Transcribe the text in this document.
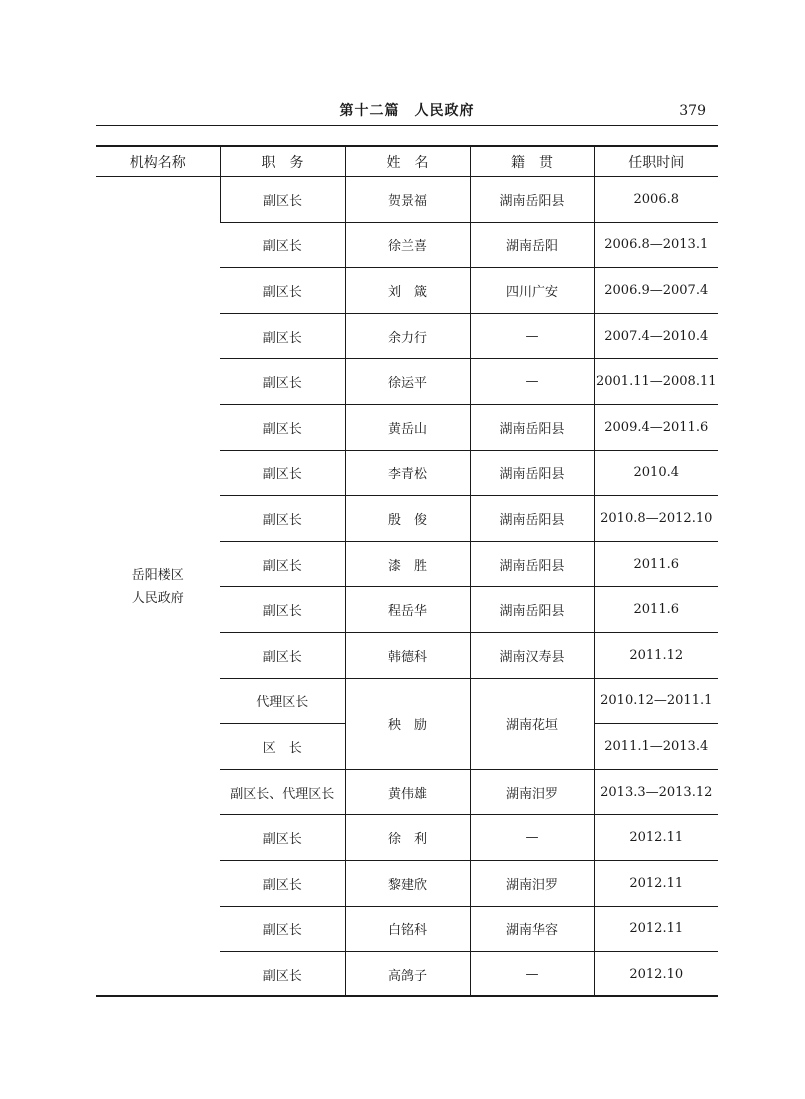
第十二篇　人民政府	379
机构名称	职　务	姓　名	籍　贯	任职时间

岳阳楼区
人民政府	副区长	贺景福	湖南岳阳县	2006.8
	副区长	徐兰喜	湖南岳阳	2006.8—2013.1
	副区长	刘　箴	四川广安	2006.9—2007.4
	副区长	余力行	—	2007.4—2010.4
	副区长	徐运平	—	2001.11—2008.11
	副区长	黄岳山	湖南岳阳县	2009.4—2011.6
	副区长	李青松	湖南岳阳县	2010.4
	副区长	殷　俊	湖南岳阳县	2010.8—2012.10
	副区长	漆　胜	湖南岳阳县	2011.6
	副区长	程岳华	湖南岳阳县	2011.6
	副区长	韩德科	湖南汉寿县	2011.12
	代理区长	秧　励	湖南花垣	2010.12—2011.1
	区　长			2011.1—2013.4
	副区长、代理区长	黄伟雄	湖南汨罗	2013.3—2013.12
	副区长	徐　利	—	2012.11
	副区长	黎建欣	湖南汨罗	2012.11
	副区长	白铭科	湖南华容	2012.11
	副区长	高鸽子	—	2012.10
